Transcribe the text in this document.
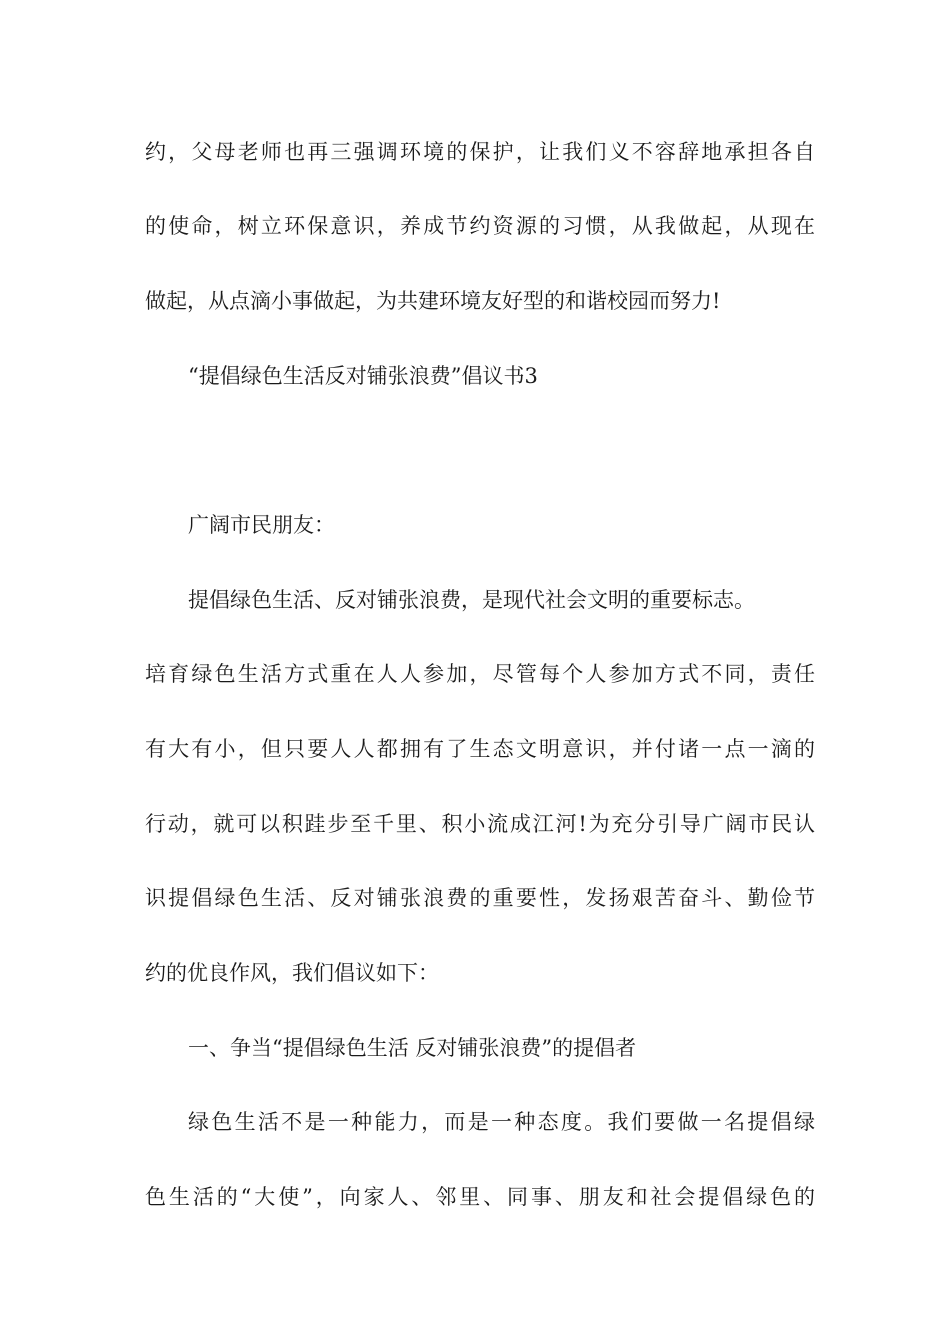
约，父母老师也再三强调环境的保护，让我们义不容辞地承担各自
的使命，树立环保意识，养成节约资源的习惯，从我做起，从现在
做起，从点滴小事做起，为共建环境友好型的和谐校园而努力!
“提倡绿色生活反对铺张浪费”倡议书3
广阔市民朋友：
提倡绿色生活、反对铺张浪费，是现代社会文明的重要标志。
培育绿色生活方式重在人人参加，尽管每个人参加方式不同，责任
有大有小，但只要人人都拥有了生态文明意识，并付诸一点一滴的
行动，就可以积跬步至千里、积小流成江河!为充分引导广阔市民认
识提倡绿色生活、反对铺张浪费的重要性，发扬艰苦奋斗、勤俭节
约的优良作风，我们倡议如下：
一、争当“提倡绿色生活 反对铺张浪费”的提倡者
绿色生活不是一种能力，而是一种态度。我们要做一名提倡绿
色生活的“大使”，向家人、邻里、同事、朋友和社会提倡绿色的
